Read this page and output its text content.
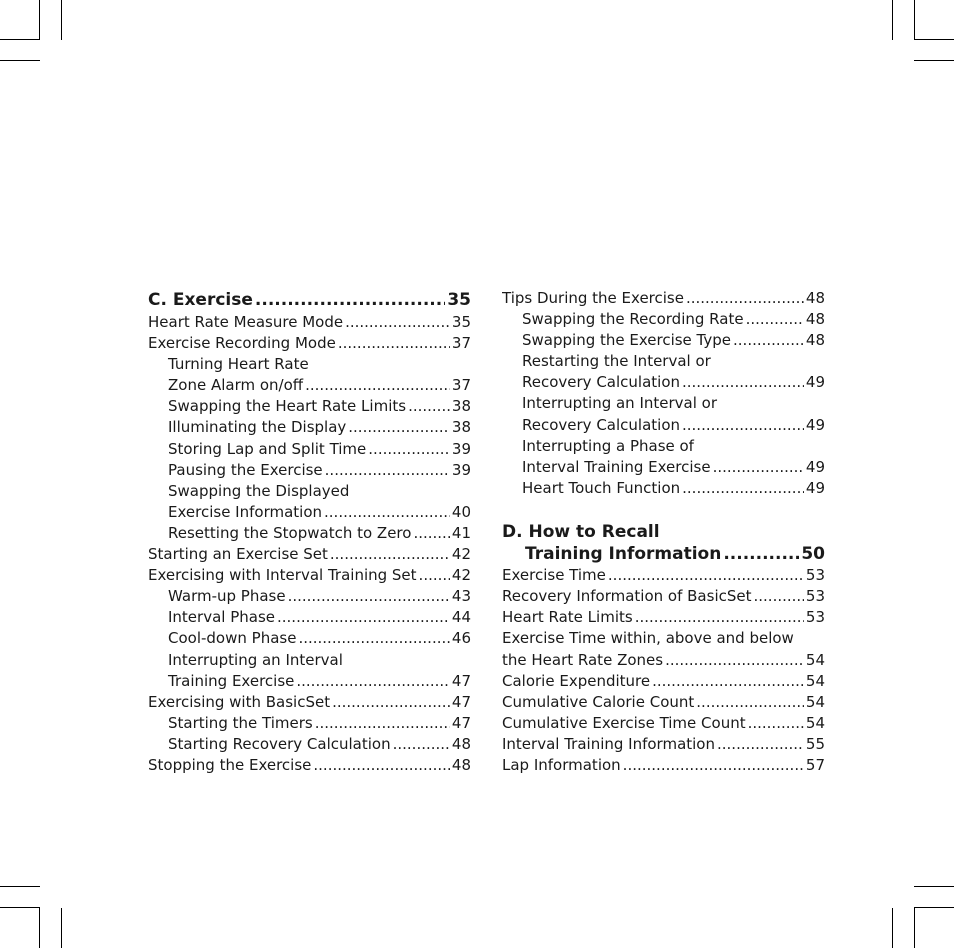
C. Exercise .....	35
Heart Rate Measure Mode .....	35
Exercise Recording Mode .....	37
Turning Heart Rate
Zone Alarm on/off .....	37
Swapping the Heart Rate Limits .....	38
Illuminating the Display .....	38
Storing Lap and Split Time .....	39
Pausing the Exercise .....	39
Swapping the Displayed
Exercise Information .....	40
Resetting the Stopwatch to Zero .....	41
Starting an Exercise Set .....	42
Exercising with Interval Training Set ..... 42
Warm-up Phase .....	43
Interval Phase .....	44
Cool-down Phase .....	46
Interrupting an Interval
Training Exercise .....	47
Exercising with BasicSet .....	47
Starting the Timers .....	47
Starting Recovery Calculation .....	48
Stopping the Exercise .....	48
Tips During the Exercise .....	48
Swapping the Recording Rate .....	48
Swapping the Exercise Type .....	48
Restarting the Interval or
Recovery Calculation .....	49
Interrupting an Interval or
Recovery Calculation .....	49
Interrupting a Phase of
Interval Training Exercise .....	49
Heart Touch Function .....	49
D. How to Recall
Training Information .....	50
Exercise Time .....	53
Recovery Information of BasicSet .....	53
Heart Rate Limits .....	53
Exercise Time within, above and below
the Heart Rate Zones .....	54
Calorie Expenditure .....	54
Cumulative Calorie Count .....	54
Cumulative Exercise Time Count .....	54
Interval Training Information .....	55
Lap Information .....	57
